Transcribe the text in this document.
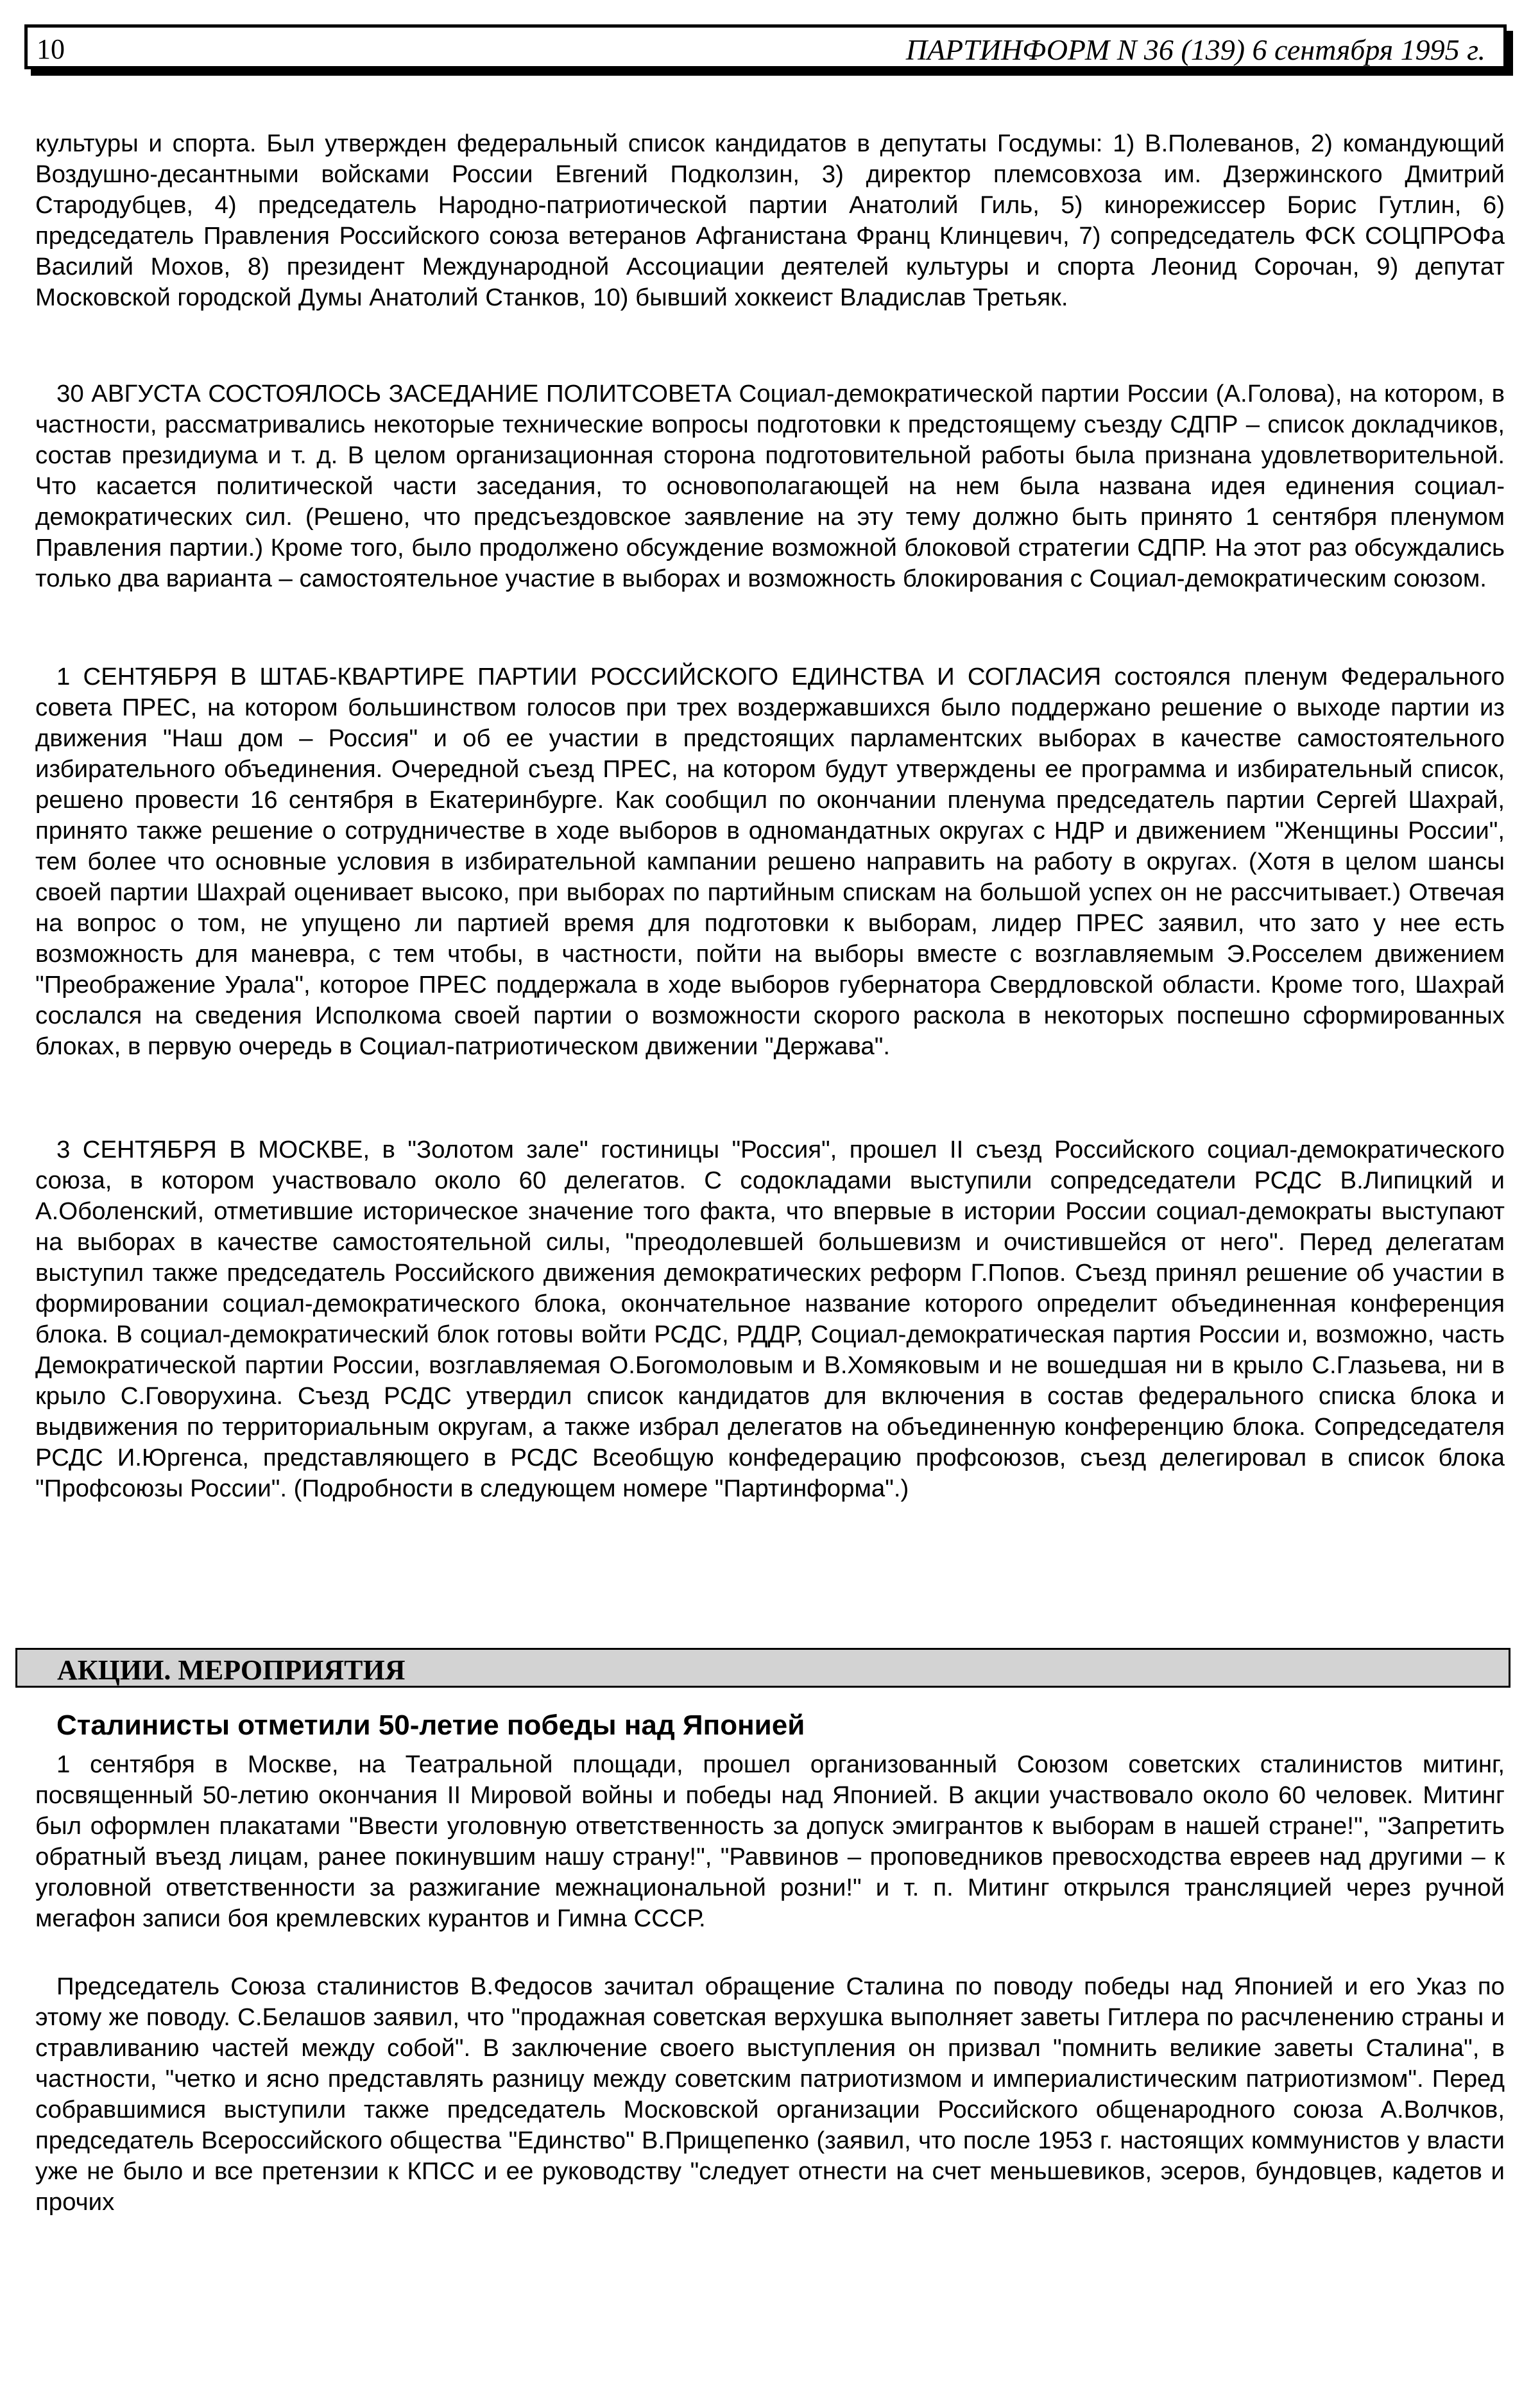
10	ПАРТИНФОРМ N 36 (139) 6 сентября 1995 г.

культуры и спорта. Был утвержден федеральный список кандидатов в депутаты Госдумы: 1) В.Полеванов, 2) командующий Воздушно-десантными войсками России Евгений Подколзин, 3) директор племсовхоза им. Дзержинского Дмитрий Стародубцев, 4) председатель Народно-патриотической партии Анатолий Гиль, 5) кинорежиссер Борис Гутлин, 6) председатель Правления Российского союза ветеранов Афганистана Франц Клинцевич, 7) сопредседатель ФСК СОЦПРОФа Василий Мохов, 8) президент Международной Ассоциации деятелей культуры и спорта Леонид Сорочан, 9) депутат Московской городской Думы Анатолий Станков, 10) бывший хоккеист Владислав Третьяк.

30 АВГУСТА СОСТОЯЛОСЬ ЗАСЕДАНИЕ ПОЛИТСОВЕТА Социал-демократической партии России (А.Голова), на котором, в частности, рассматривались некоторые технические вопросы подготовки к предстоящему съезду СДПР – список докладчиков, состав президиума и т. д. В целом организационная сторона подготовительной работы была признана удовлетворительной. Что касается политической части заседания, то основополагающей на нем была названа идея единения социал-демократических сил. (Решено, что предсъездовское заявление на эту тему должно быть принято 1 сентября пленумом Правления партии.) Кроме того, было продолжено обсуждение возможной блоковой стратегии СДПР. На этот раз обсуждались только два варианта – самостоятельное участие в выборах и возможность блокирования с Социал-демократическим союзом.

1 СЕНТЯБРЯ В ШТАБ-КВАРТИРЕ ПАРТИИ РОССИЙСКОГО ЕДИНСТВА И СОГЛАСИЯ состоялся пленум Федерального совета ПРЕС, на котором большинством голосов при трех воздержавшихся было поддержано решение о выходе партии из движения "Наш дом – Россия" и об ее участии в предстоящих парламентских выборах в качестве самостоятельного избирательного объединения. Очередной съезд ПРЕС, на котором будут утверждены ее программа и избирательный список, решено провести 16 сентября в Екатеринбурге. Как сообщил по окончании пленума председатель партии Сергей Шахрай, принято также решение о сотрудничестве в ходе выборов в одномандатных округах с НДР и движением "Женщины России", тем более что основные условия в избирательной кампании решено направить на работу в округах. (Хотя в целом шансы своей партии Шахрай оценивает высоко, при выборах по партийным спискам на большой успех он не рассчитывает.) Отвечая на вопрос о том, не упущено ли партией время для подготовки к выборам, лидер ПРЕС заявил, что зато у нее есть возможность для маневра, с тем чтобы, в частности, пойти на выборы вместе с возглавляемым Э.Росселем движением "Преображение Урала", которое ПРЕС поддержала в ходе выборов губернатора Свердловской области. Кроме того, Шахрай сослался на сведения Исполкома своей партии о возможности скорого раскола в некоторых поспешно сформированных блоках, в первую очередь в Социал-патриотическом движении "Держава".

3 СЕНТЯБРЯ В МОСКВЕ, в "Золотом зале" гостиницы "Россия", прошел II съезд Российского социал-демократического союза, в котором участвовало около 60 делегатов. С содокладами выступили сопредседатели РСДС В.Липицкий и А.Оболенский, отметившие историческое значение того факта, что впервые в истории России социал-демократы выступают на выборах в качестве самостоятельной силы, "преодолевшей большевизм и очистившейся от него". Перед делегатам выступил также председатель Российского движения демократических реформ Г.Попов. Съезд принял решение об участии в формировании социал-демократического блока, окончательное название которого определит объединенная конференция блока. В социал-демократический блок готовы войти РСДС, РДДР, Социал-демократическая партия России и, возможно, часть Демократической партии России, возглавляемая О.Богомоловым и В.Хомяковым и не вошедшая ни в крыло С.Глазьева, ни в крыло С.Говорухина. Съезд РСДС утвердил список кандидатов для включения в состав федерального списка блока и выдвижения по территориальным округам, а также избрал делегатов на объединенную конференцию блока. Сопредседателя РСДС И.Юргенса, представляющего в РСДС Всеобщую конфедерацию профсоюзов, съезд делегировал в список блока "Профсоюзы России". (Подробности в следующем номере "Партинформа".)

АКЦИИ. МЕРОПРИЯТИЯ
Сталинисты отметили 50-летие победы над Японией

1 сентября в Москве, на Театральной площади, прошел организованный Союзом советских сталинистов митинг, посвященный 50-летию окончания II Мировой войны и победы над Японией. В акции участвовало около 60 человек. Митинг был оформлен плакатами "Ввести уголовную ответственность за допуск эмигрантов к выборам в нашей стране!", "Запретить обратный въезд лицам, ранее покинувшим нашу страну!", "Раввинов – проповедников превосходства евреев над другими – к уголовной ответственности за разжигание межнациональной розни!" и т. п. Митинг открылся трансляцией через ручной мегафон записи боя кремлевских курантов и Гимна СССР.

Председатель Союза сталинистов В.Федосов зачитал обращение Сталина по поводу победы над Японией и его Указ по этому же поводу. С.Белашов заявил, что "продажная советская верхушка выполняет заветы Гитлера по расчленению страны и стравливанию частей между собой". В заключение своего выступления он призвал "помнить великие заветы Сталина", в частности, "четко и ясно представлять разницу между советским патриотизмом и империалистическим патриотизмом". Перед собравшимися выступили также председатель Московской организации Российского общенародного союза А.Волчков, председатель Всероссийского общества "Единство" В.Прищепенко (заявил, что после 1953 г. настоящих коммунистов у власти уже не было и все претензии к КПСС и ее руководству "следует отнести на счет меньшевиков, эсеров, бундовцев, кадетов и прочих
